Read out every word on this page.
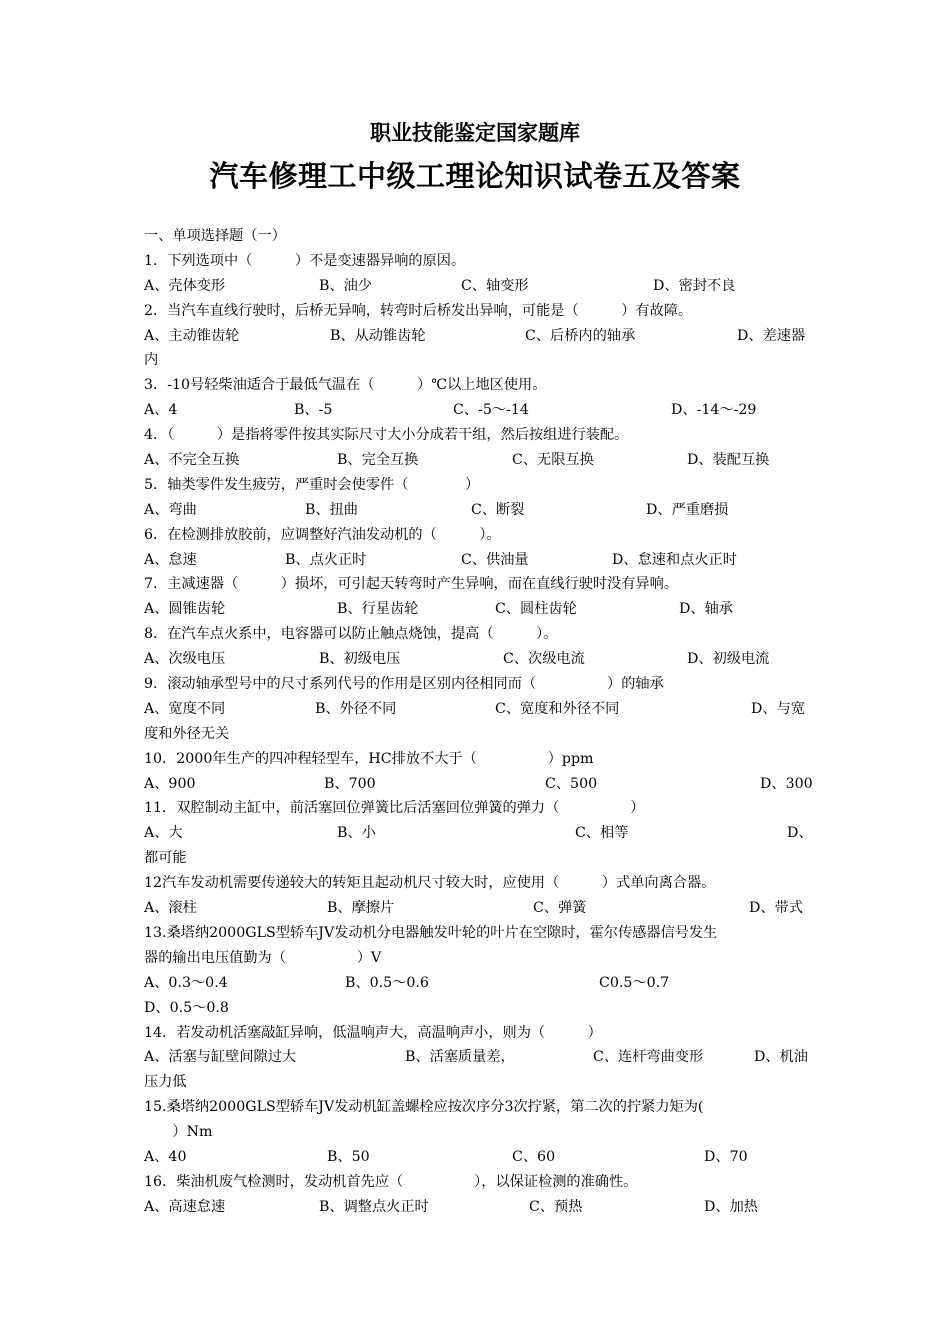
职业技能鉴定国家题库
汽车修理工中级工理论知识试卷五及答案
一、单项选择题（一）
1．下列选项中（　　　）不是变速器异响的原因。
A、壳体变形	B、油少	C、轴变形	D、密封不良
2．当汽车直线行驶时，后桥无异响，转弯时后桥发出异响，可能是（　　　）有故障。
A、主动锥齿轮	B、从动锥齿轮	C、后桥内的轴承	D、差速器
内
3．-10号轻柴油适合于最低气温在（　　　）℃以上地区使用。
A、4	B、-5	C、-5～-14	D、-14～-29
4．（　　　）是指将零件按其实际尺寸大小分成若干组，然后按组进行装配。
A、不完全互换	B、完全互换	C、无限互换	D、装配互换
5．轴类零件发生疲劳，严重时会使零件（　　　　）
A、弯曲	B、扭曲	C、断裂	D、严重磨损
6．在检测排放胶前，应调整好汽油发动机的（　　　）。
A、怠速	B、点火正时	C、供油量	D、怠速和点火正时
7．主减速器（　　　）损坏，可引起天转弯时产生异响，而在直线行驶时没有异响。
A、圆锥齿轮	B、行星齿轮	C、圆柱齿轮	D、轴承
8．在汽车点火系中，电容器可以防止触点烧蚀，提高（　　　）。
A、次级电压	B、初级电压	C、次级电流	D、初级电流
9．滚动轴承型号中的尺寸系列代号的作用是区别内径相同而（　　　　　）的轴承
A、宽度不同	B、外径不同	C、宽度和外径不同	D、与宽
度和外径无关
10．2000年生产的四冲程轻型车，HC排放不大于（　　　　　）ppm
A、900	B、700	C、500	D、300
11．双腔制动主缸中，前活塞回位弹簧比后活塞回位弹簧的弹力（　　　　　）
A、大	B、小	C、相等	D、
都可能
12汽车发动机需要传递较大的转矩且起动机尺寸较大时，应使用（　　　）式单向离合器。
A、滚柱	B、摩擦片	C、弹簧	D、带式
13.桑塔纳2000GLS型轿车JV发动机分电器触发叶轮的叶片在空隙时，霍尔传感器信号发生
器的输出电压值勤为（　　　　　）V
A、0.3～0.4	B、0.5～0.6	C0.5～0.7
D、0.5～0.8
14．若发动机活塞敲缸异响，低温响声大，高温响声小，则为（　　　）
A、活塞与缸壁间隙过大	B、活塞质量差，	C、连杆弯曲变形	D、机油
压力低
15.桑塔纳2000GLS型轿车JV发动机缸盖螺栓应按次序分3次拧紧，第二次的拧紧力矩为(
　　）Nm
A、40	B、50	C、60	D、70
16．柴油机废气检测时，发动机首先应（　　　　　），以保证检测的准确性。
A、高速怠速	B、调整点火正时	C、预热	D、加热
